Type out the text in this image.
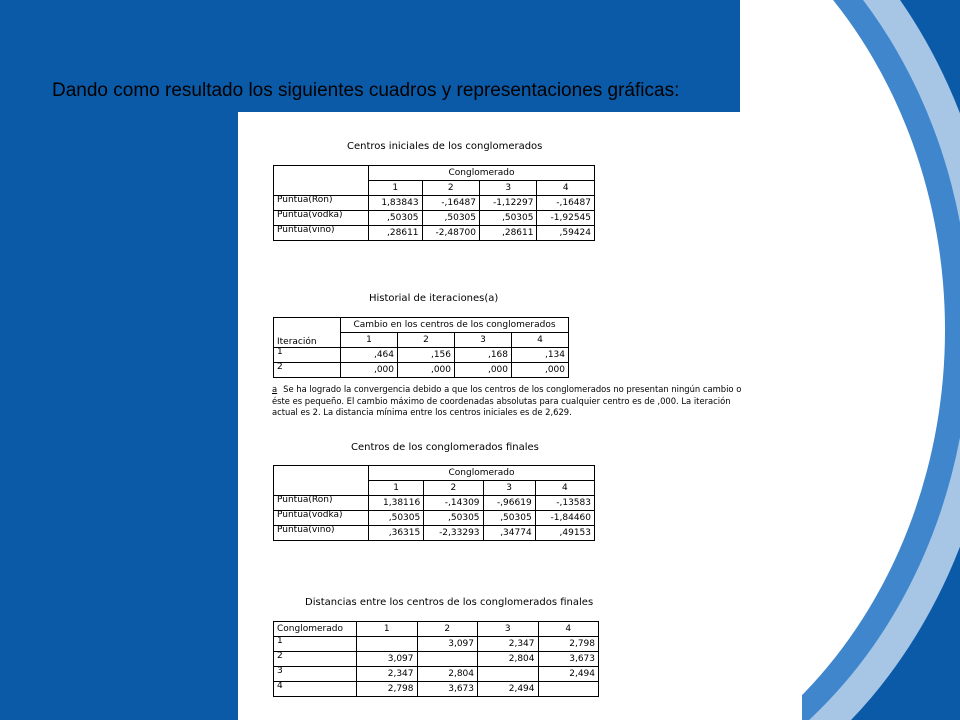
Dando como resultado los siguientes cuadros y representaciones gráficas:
Centros iniciales de los conglomerados
	Conglomerado			
	1	2	3	4
Puntua(Ron)	1,83843	-,16487	-1,12297	-,16487
Puntua(vodka)	,50305	,50305	,50305	-1,92545
Puntua(vino)	,28611	-2,48700	,28611	,59424
Historial de iteraciones(a)
Iteración	Cambio en los centros de los conglomerados			
	1	2	3	4
1	,464	,156	,168	,134
2	,000	,000	,000	,000
a Se ha logrado la convergencia debido a que los centros de los conglomerados no presentan ningún cambio o éste es pequeño. El cambio máximo de coordenadas absolutas para cualquier centro es de ,000. La iteración actual es 2. La distancia mínima entre los centros iniciales es de 2,629.
Centros de los conglomerados finales
	Conglomerado			
	1	2	3	4
Puntua(Ron)	1,38116	-,14309	-,96619	-,13583
Puntua(vodka)	,50305	,50305	,50305	-1,84460
Puntua(vino)	,36315	-2,33293	,34774	,49153
Distancias entre los centros de los conglomerados finales
Conglomerado	1	2	3	4
1		3,097	2,347	2,798
2	3,097		2,804	3,673
3	2,347	2,804		2,494
4	2,798	3,673	2,494	
